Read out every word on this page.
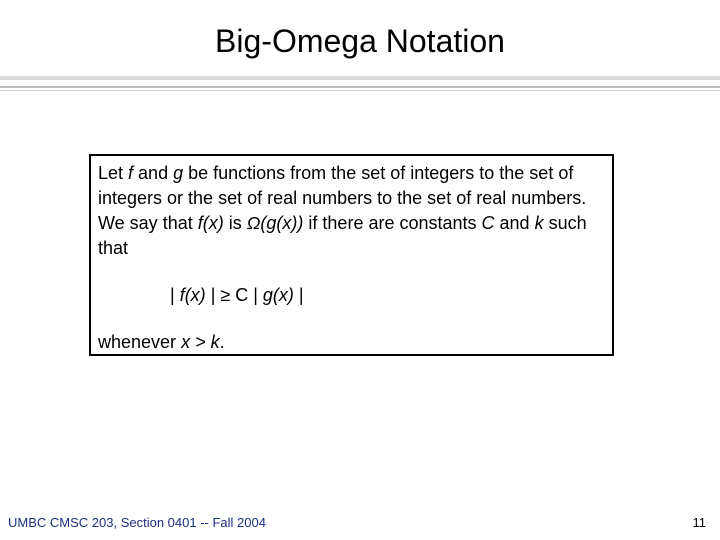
Big-Omega Notation
Let f and g be functions from the set of integers to the set of integers or the set of real numbers to the set of real numbers. We say that f(x) is Ω(g(x)) if there are constants C and k such that
| f(x) | ≥ C | g(x) |
whenever x > k.
UMBC CMSC 203, Section 0401 -- Fall 2004	11
